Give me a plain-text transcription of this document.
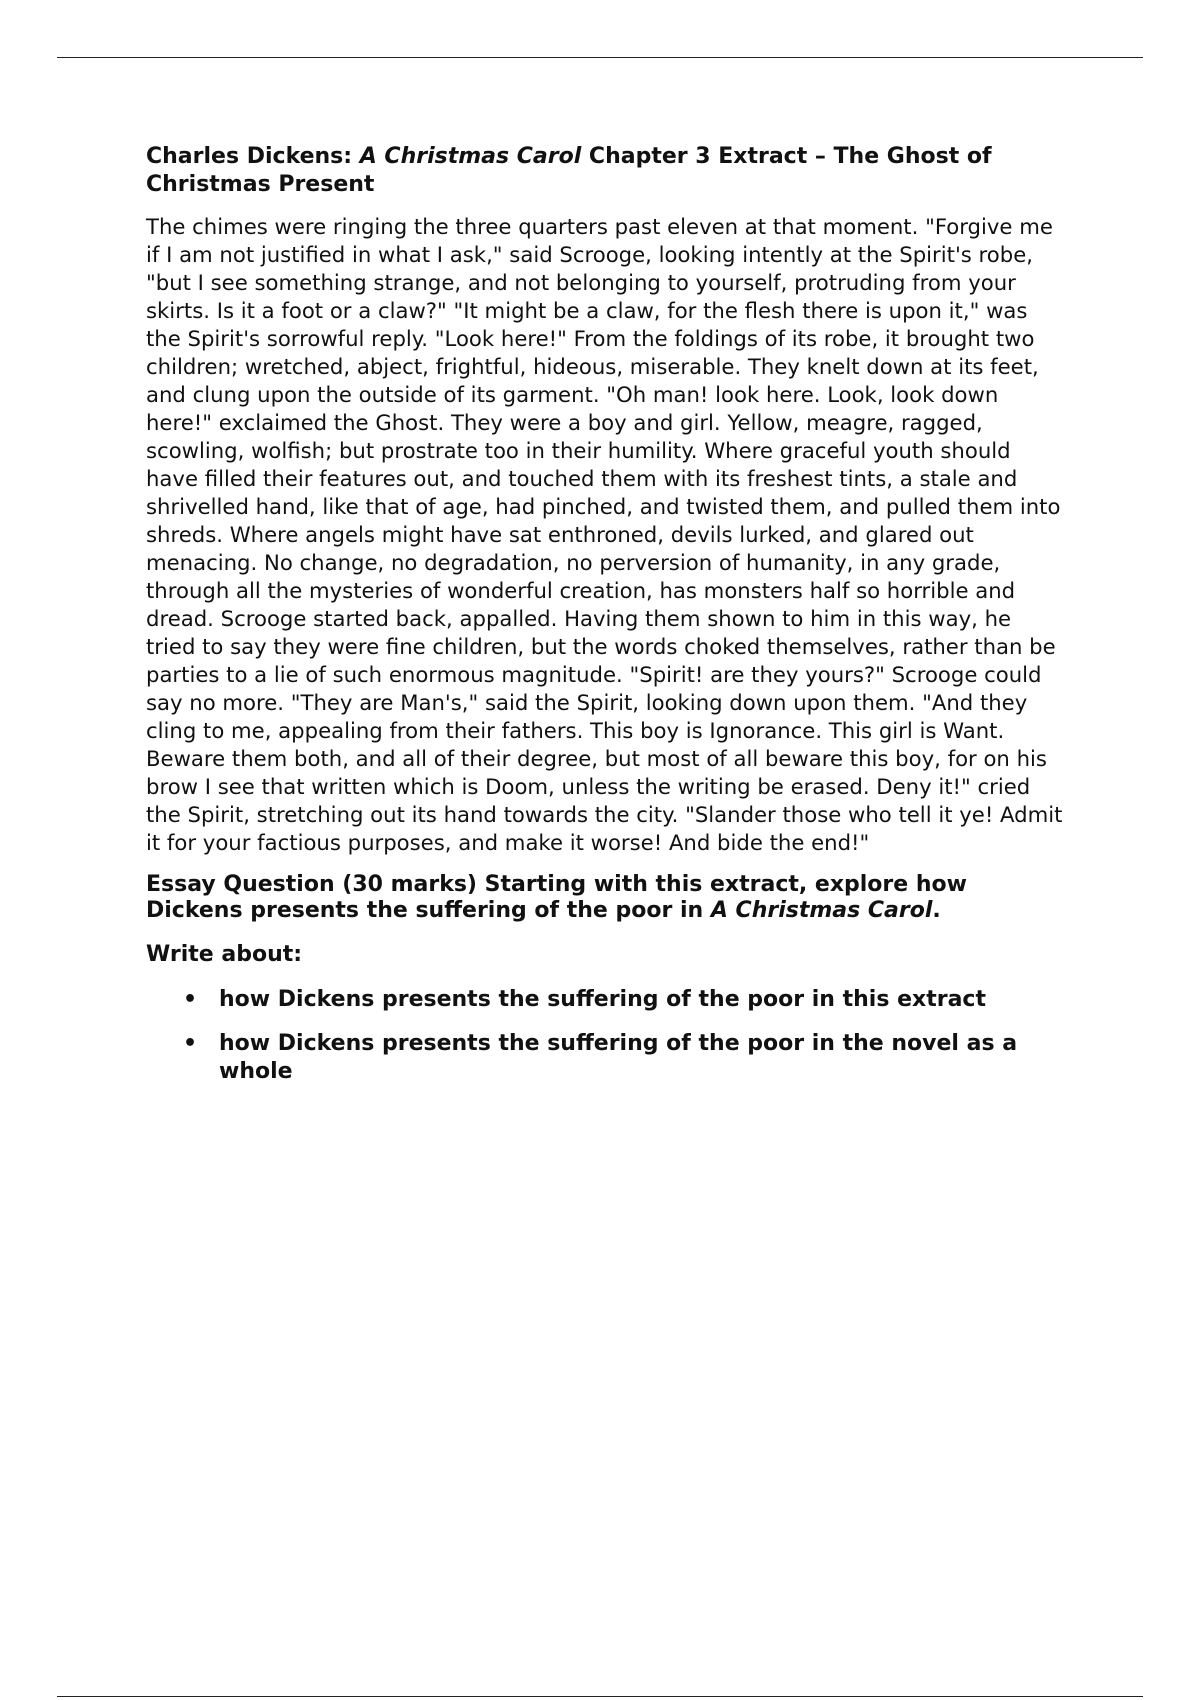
Charles Dickens: A Christmas Carol Chapter 3 Extract – The Ghost of Christmas Present

The chimes were ringing the three quarters past eleven at that moment. "Forgive me if I am not justified in what I ask," said Scrooge, looking intently at the Spirit's robe, "but I see something strange, and not belonging to yourself, protruding from your skirts. Is it a foot or a claw?" "It might be a claw, for the flesh there is upon it," was the Spirit's sorrowful reply. "Look here!" From the foldings of its robe, it brought two children; wretched, abject, frightful, hideous, miserable. They knelt down at its feet, and clung upon the outside of its garment. "Oh man! look here. Look, look down here!" exclaimed the Ghost. They were a boy and girl. Yellow, meagre, ragged, scowling, wolfish; but prostrate too in their humility. Where graceful youth should have filled their features out, and touched them with its freshest tints, a stale and shrivelled hand, like that of age, had pinched, and twisted them, and pulled them into shreds. Where angels might have sat enthroned, devils lurked, and glared out menacing. No change, no degradation, no perversion of humanity, in any grade, through all the mysteries of wonderful creation, has monsters half so horrible and dread. Scrooge started back, appalled. Having them shown to him in this way, he tried to say they were fine children, but the words choked themselves, rather than be parties to a lie of such enormous magnitude. "Spirit! are they yours?" Scrooge could say no more. "They are Man's," said the Spirit, looking down upon them. "And they cling to me, appealing from their fathers. This boy is Ignorance. This girl is Want. Beware them both, and all of their degree, but most of all beware this boy, for on his brow I see that written which is Doom, unless the writing be erased. Deny it!" cried the Spirit, stretching out its hand towards the city. "Slander those who tell it ye! Admit it for your factious purposes, and make it worse! And bide the end!"

Essay Question (30 marks) Starting with this extract, explore how Dickens presents the suffering of the poor in A Christmas Carol.
Write about:
• how Dickens presents the suffering of the poor in this extract
• how Dickens presents the suffering of the poor in the novel as a whole
